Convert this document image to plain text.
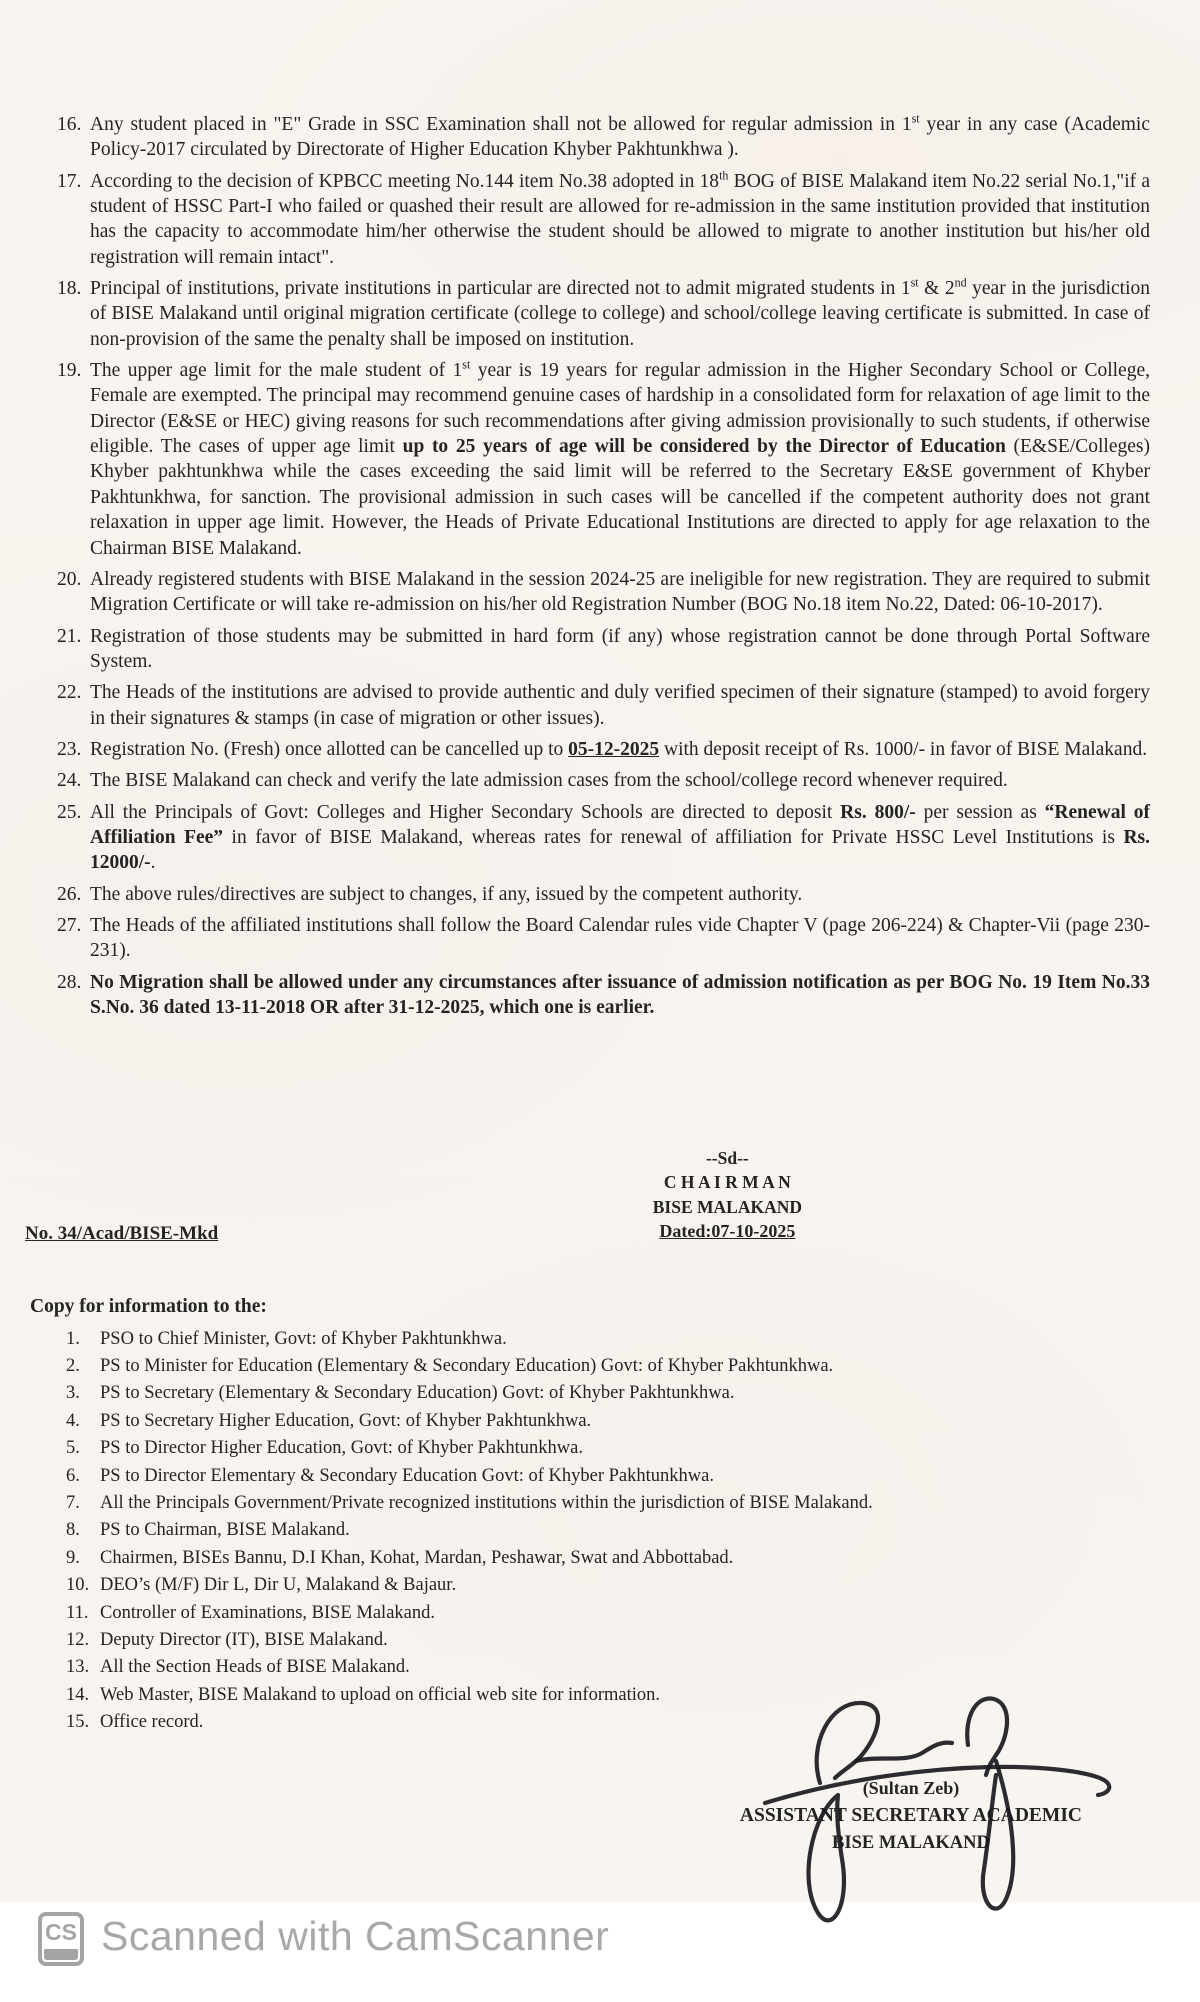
16. Any student placed in "E" Grade in SSC Examination shall not be allowed for regular admission in 1st year in any case (Academic Policy-2017 circulated by Directorate of Higher Education Khyber Pakhtunkhwa ).
17. According to the decision of KPBCC meeting No.144 item No.38 adopted in 18th BOG of BISE Malakand item No.22 serial No.1,"if a student of HSSC Part-I who failed or quashed their result are allowed for re-admission in the same institution provided that institution has the capacity to accommodate him/her otherwise the student should be allowed to migrate to another institution but his/her old registration will remain intact".
18. Principal of institutions, private institutions in particular are directed not to admit migrated students in 1st & 2nd year in the jurisdiction of BISE Malakand until original migration certificate (college to college) and school/college leaving certificate is submitted. In case of non-provision of the same the penalty shall be imposed on institution.
19. The upper age limit for the male student of 1st year is 19 years for regular admission in the Higher Secondary School or College, Female are exempted. The principal may recommend genuine cases of hardship in a consolidated form for relaxation of age limit to the Director (E&SE or HEC) giving reasons for such recommendations after giving admission provisionally to such students, if otherwise eligible. The cases of upper age limit up to 25 years of age will be considered by the Director of Education (E&SE/Colleges) Khyber pakhtunkhwa while the cases exceeding the said limit will be referred to the Secretary E&SE government of Khyber Pakhtunkhwa, for sanction. The provisional admission in such cases will be cancelled if the competent authority does not grant relaxation in upper age limit. However, the Heads of Private Educational Institutions are directed to apply for age relaxation to the Chairman BISE Malakand.
20. Already registered students with BISE Malakand in the session 2024-25 are ineligible for new registration. They are required to submit Migration Certificate or will take re-admission on his/her old Registration Number (BOG No.18 item No.22, Dated: 06-10-2017).
21. Registration of those students may be submitted in hard form (if any) whose registration cannot be done through Portal Software System.
22. The Heads of the institutions are advised to provide authentic and duly verified specimen of their signature (stamped) to avoid forgery in their signatures & stamps (in case of migration or other issues).
23. Registration No. (Fresh) once allotted can be cancelled up to 05-12-2025 with deposit receipt of Rs. 1000/- in favor of BISE Malakand.
24. The BISE Malakand can check and verify the late admission cases from the school/college record whenever required.
25. All the Principals of Govt: Colleges and Higher Secondary Schools are directed to deposit Rs. 800/- per session as “Renewal of Affiliation Fee” in favor of BISE Malakand, whereas rates for renewal of affiliation for Private HSSC Level Institutions is Rs. 12000/-.
26. The above rules/directives are subject to changes, if any, issued by the competent authority.
27. The Heads of the affiliated institutions shall follow the Board Calendar rules vide Chapter V (page 206-224) & Chapter-Vii (page 230-231).
28. No Migration shall be allowed under any circumstances after issuance of admission notification as per BOG No. 19 Item No.33 S.No. 36 dated 13-11-2018 OR after 31-12-2025, which one is earlier.
--Sd--
C H A I R M A N
BISE MALAKAND
Dated:07-10-2025
No. 34/Acad/BISE-Mkd
Copy for information to the:
1.	PSO to Chief Minister, Govt: of Khyber Pakhtunkhwa.
2.	PS to Minister for Education (Elementary & Secondary Education) Govt: of Khyber Pakhtunkhwa.
3.	PS to Secretary (Elementary & Secondary Education) Govt: of Khyber Pakhtunkhwa.
4.	PS to Secretary Higher Education, Govt: of Khyber Pakhtunkhwa.
5.	PS to Director Higher Education, Govt: of Khyber Pakhtunkhwa.
6.	PS to Director Elementary & Secondary Education Govt: of Khyber Pakhtunkhwa.
7.	All the Principals Government/Private recognized institutions within the jurisdiction of BISE Malakand.
8.	PS to Chairman, BISE Malakand.
9.	Chairmen, BISEs Bannu, D.I Khan, Kohat, Mardan, Peshawar, Swat and Abbottabad.
10. DEO’s (M/F) Dir L, Dir U, Malakand & Bajaur.
11. Controller of Examinations, BISE Malakand.
12. Deputy Director (IT), BISE Malakand.
13. All the Section Heads of BISE Malakand.
14. Web Master, BISE Malakand to upload on official web site for information.
15. Office record.
(Sultan Zeb)
ASSISTANT SECRETARY ACADEMIC
BISE MALAKAND
CS Scanned with CamScanner
